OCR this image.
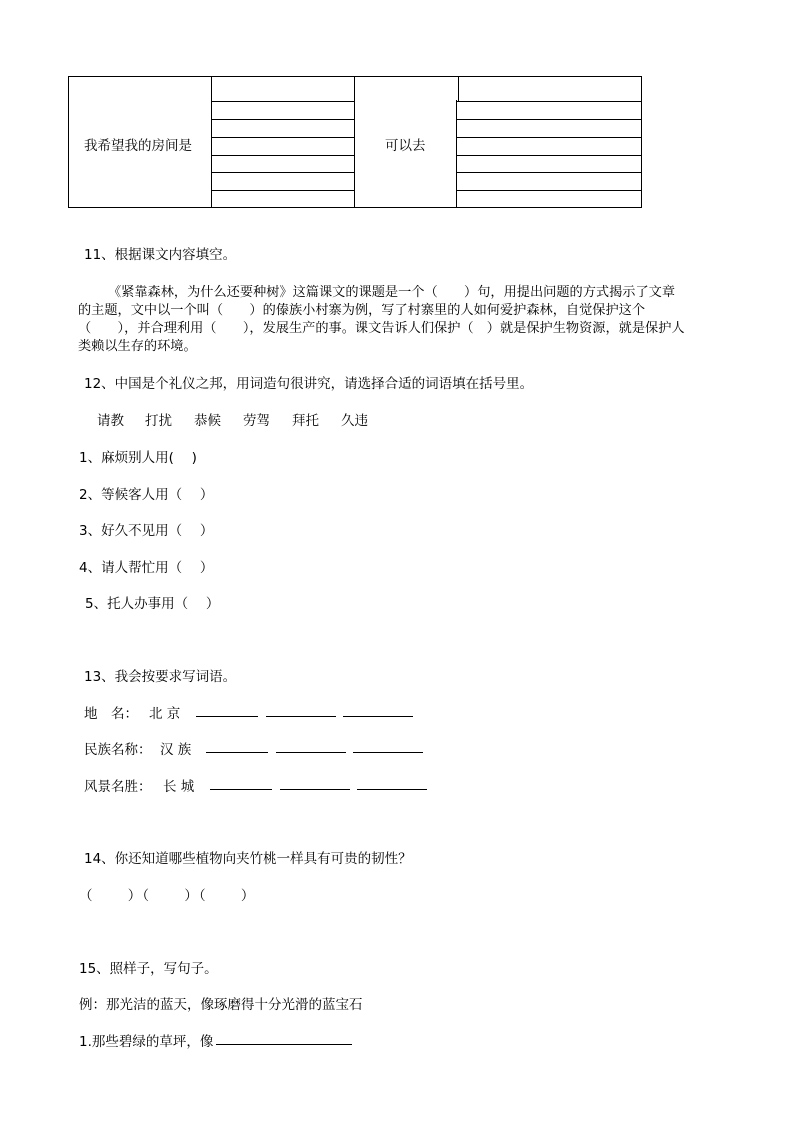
我希望我的房间是	可以去
11、根据课文内容填空。
《紧靠森林，为什么还要种树》这篇课文的课题是一个（　　）句，用提出问题的方式揭示了文章
的主题，文中以一个叫（　　）的傣族小村寨为例，写了村寨里的人如何爱护森林，自觉保护这个
（　　），并合理利用（　　），发展生产的事。课文告诉人们保护（　）就是保护生物资源，就是保护人
类赖以生存的环境。
12、中国是个礼仪之邦，用词造句很讲究，请选择合适的词语填在括号里。
请教 打扰 恭候 劳驾 拜托 久违
1、麻烦别人用(　 )
2、等候客人用（　 ）
3、好久不见用（　 ）
4、请人帮忙用（　 ）
5、托人办事用（　 ）
13、我会按要求写词语。
地　名： 北 京
民族名称： 汉 族
风景名胜： 长 城
14、你还知道哪些植物向夹竹桃一样具有可贵的韧性？
（　　 ）（　　 ）（　　 ）
15、照样子，写句子。
例：那光洁的蓝天，像琢磨得十分光滑的蓝宝石
1.那些碧绿的草坪，像
